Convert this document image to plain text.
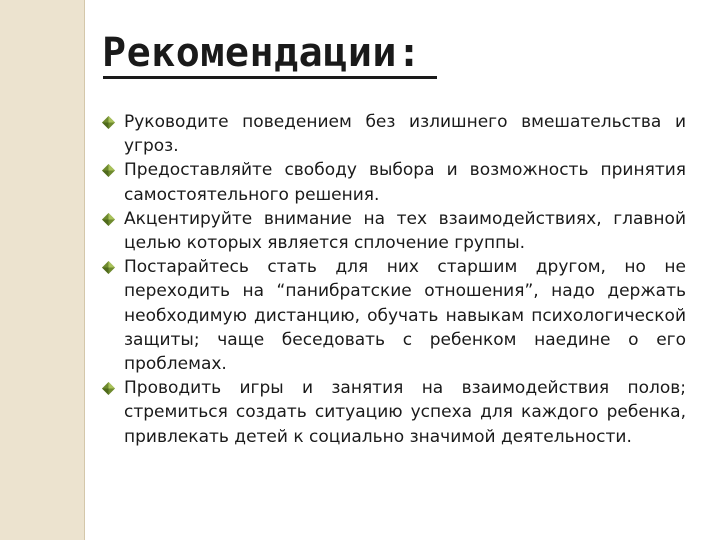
Рекомендации:
Руководите поведением без излишнего вмешательства и угроз.
Предоставляйте свободу выбора и возможность принятия самостоятельного решения.
Акцентируйте внимание на тех взаимодействиях, главной целью которых является сплочение группы.
Постарайтесь стать для них старшим другом, но не переходить на “панибратские отношения”, надо держать необходимую дистанцию, обучать навыкам психологической защиты; чаще беседовать с ребенком наедине о его проблемах.
Проводить игры и занятия на взаимодействия полов; стремиться создать ситуацию успеха для каждого ребенка, привлекать детей к социально значимой деятельности.
